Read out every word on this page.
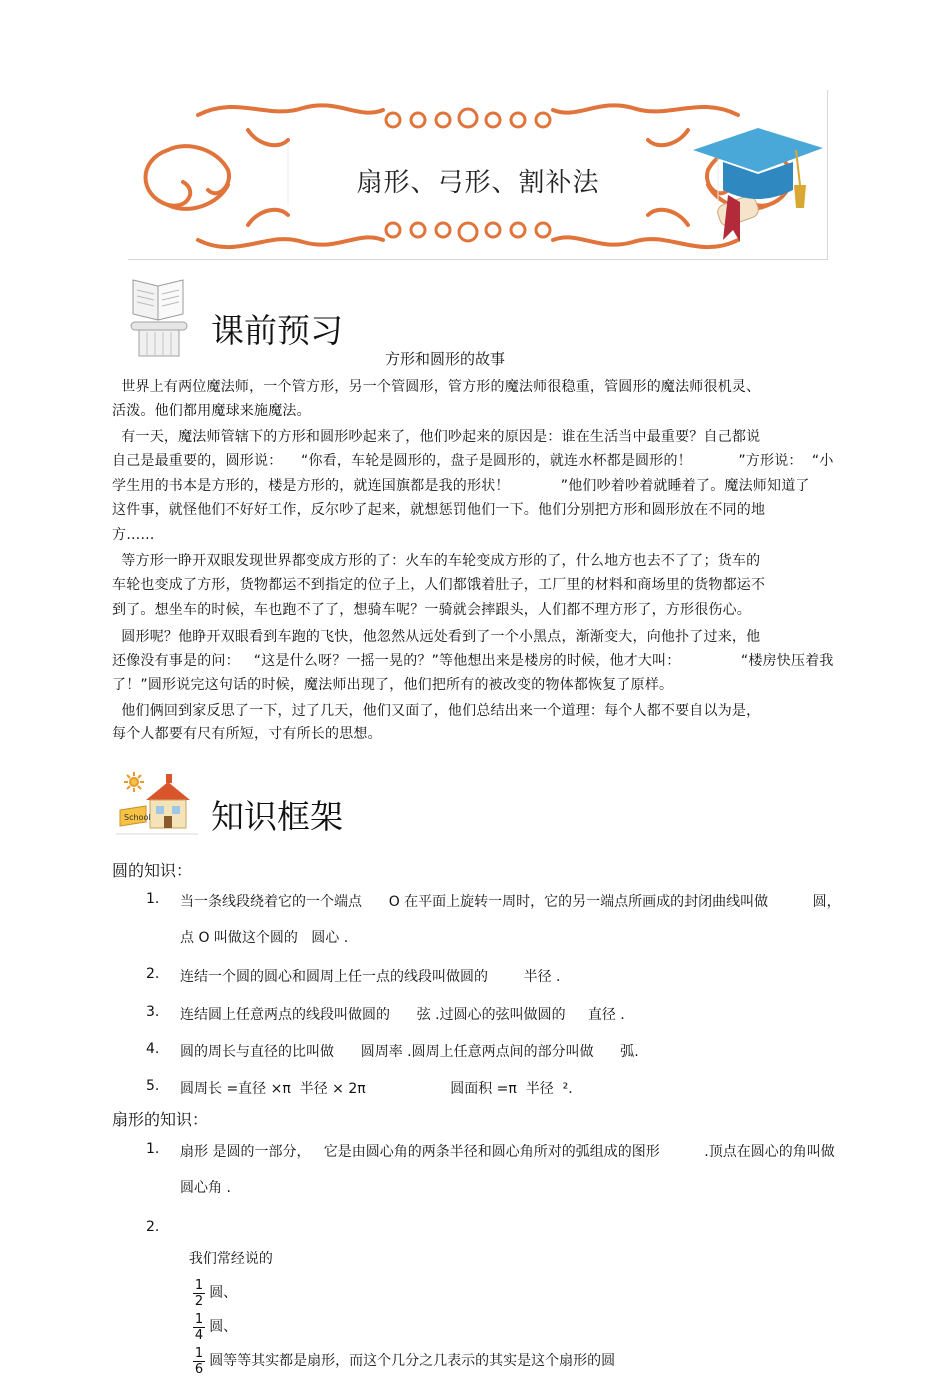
扇形、弓形、割补法
课前预习
方形和圆形的故事
世界上有两位魔法师，一个管方形，另一个管圆形，管方形的魔法师很稳重，管圆形的魔法师很机灵、
活泼。他们都用魔球来施魔法。
有一天，魔法师管辖下的方形和圆形吵起来了，他们吵起来的原因是：谁在生活当中最重要？自己都说
自己是最重要的，圆形说：    “你看，车轮是圆形的，盘子是圆形的，就连水杯都是圆形的！          ”方形说：  “小
学生用的书本是方形的，楼是方形的，就连国旗都是我的形状！           ”他们吵着吵着就睡着了。魔法师知道了
这件事，就怪他们不好好工作，反尔吵了起来，就想惩罚他们一下。他们分别把方形和圆形放在不同的地
方……
等方形一睁开双眼发现世界都变成方形的了：火车的车轮变成方形的了，什么地方也去不了了；货车的
车轮也变成了方形，货物都运不到指定的位子上，人们都饿着肚子，工厂里的材料和商场里的货物都运不
到了。想坐车的时候，车也跑不了了，想骑车呢？一骑就会摔跟头，人们都不理方形了，方形很伤心。
圆形呢？他睁开双眼看到车跑的飞快，他忽然从远处看到了一个小黑点，渐渐变大，向他扑了过来，他
还像没有事是的问：   “这是什么呀？一摇一晃的？”等他想出来是楼房的时候，他才大叫：             “楼房快压着我
了！”圆形说完这句话的时候，魔法师出现了，他们把所有的被改变的物体都恢复了原样。
他们俩回到家反思了一下，过了几天，他们又面了，他们总结出来一个道理：每个人都不要自以为是，
每个人都要有尺有所短，寸有所长的思想。
School 知识框架
圆的知识：
1. 当一条线段绕着它的一个端点      O 在平面上旋转一周时，它的另一端点所画成的封闭曲线叫做          圆，
点 O 叫做这个圆的   圆心 .
2. 连结一个圆的圆心和圆周上任一点的线段叫做圆的        半径 .
3. 连结圆上任意两点的线段叫做圆的      弦 .过圆心的弦叫做圆的     直径 .
4. 圆的周长与直径的比叫做      圆周率 .圆周上任意两点间的部分叫做      弧.
5. 圆周长 =直径 ×π  半径 × 2π                   圆面积 =π  半径  ².
扇形的知识：
1. 扇形 是圆的一部分，   它是由圆心角的两条半径和圆心角所对的弧组成的图形          .顶点在圆心的角叫做
圆心角 .
2.

我们常经说的

$\frac{1}{2}$ 圆、

$\frac{1}{4}$ 圆、

$\frac{1}{6}$ 圆等等其实都是扇形，而这个几分之几表示的其实是这个扇形的圆
